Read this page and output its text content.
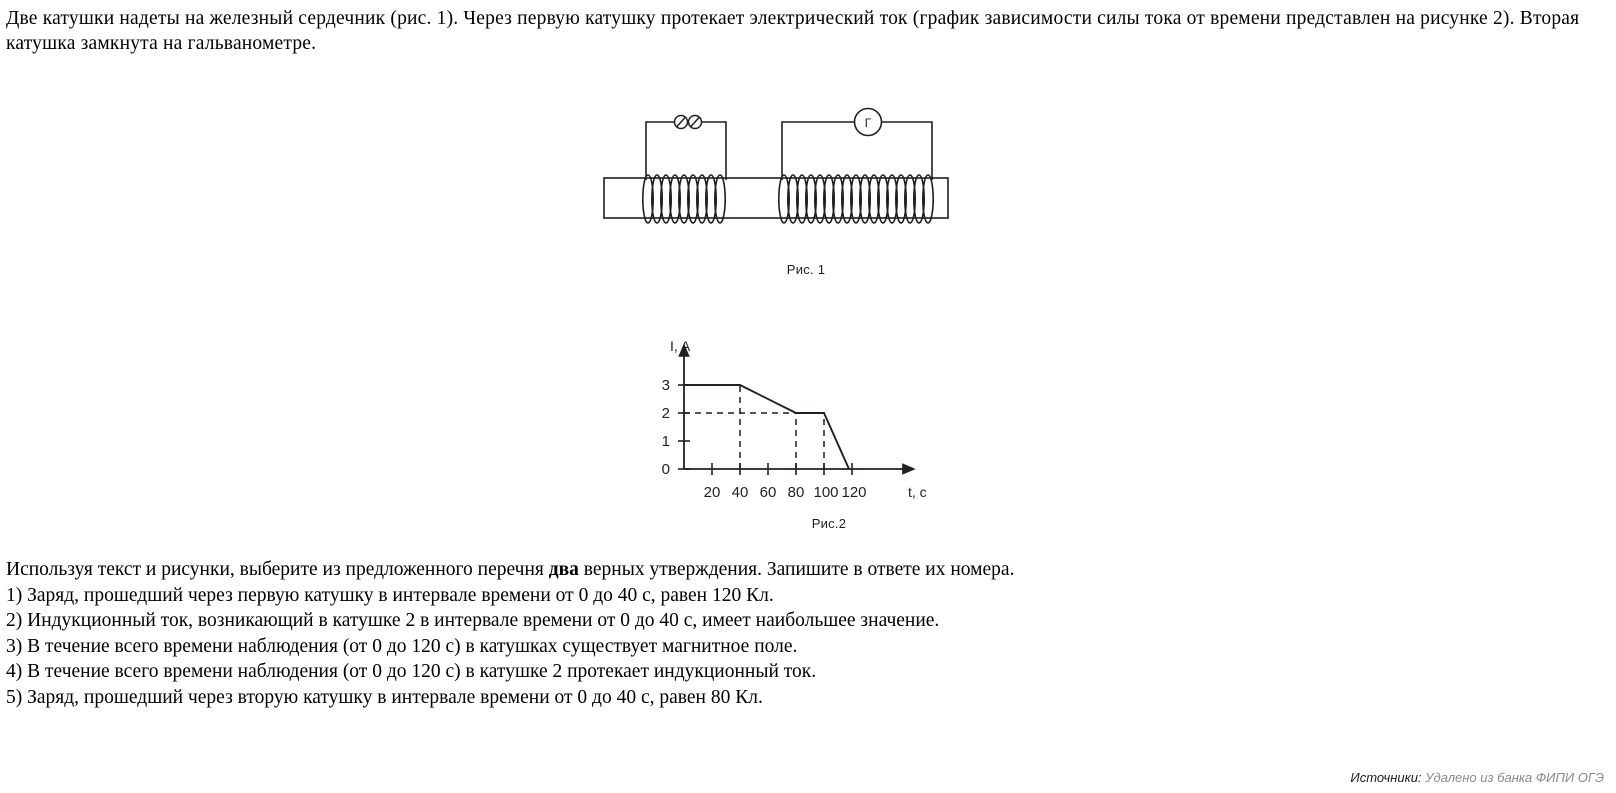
Две катушки надеты на железный сердечник (рис. 1). Через первую катушку протекает электрический ток (график зависимости силы тока от времени представлен на рисунке 2). Вторая катушка замкнута на гальванометре.

Г
Рис. 1
I, A
t, c
0
1
2
3
20 40 60 80 100 120
Рис.2

Используя текст и рисунки, выберите из предложенного перечня два верных утверждения. Запишите в ответе их номера.

1) Заряд, прошедший через первую катушку в интервале времени от 0 до 40 с, равен 120 Кл.

2) Индукционный ток, возникающий в катушке 2 в интервале времени от 0 до 40 с, имеет наибольшее значение.

3) В течение всего времени наблюдения (от 0 до 120 с) в катушках существует магнитное поле.

4) В течение всего времени наблюдения (от 0 до 120 с) в катушке 2 протекает индукционный ток.

5) Заряд, прошедший через вторую катушку в интервале времени от 0 до 40 с, равен 80 Кл.

Источники: Удалено из банка ФИПИ ОГЭ
